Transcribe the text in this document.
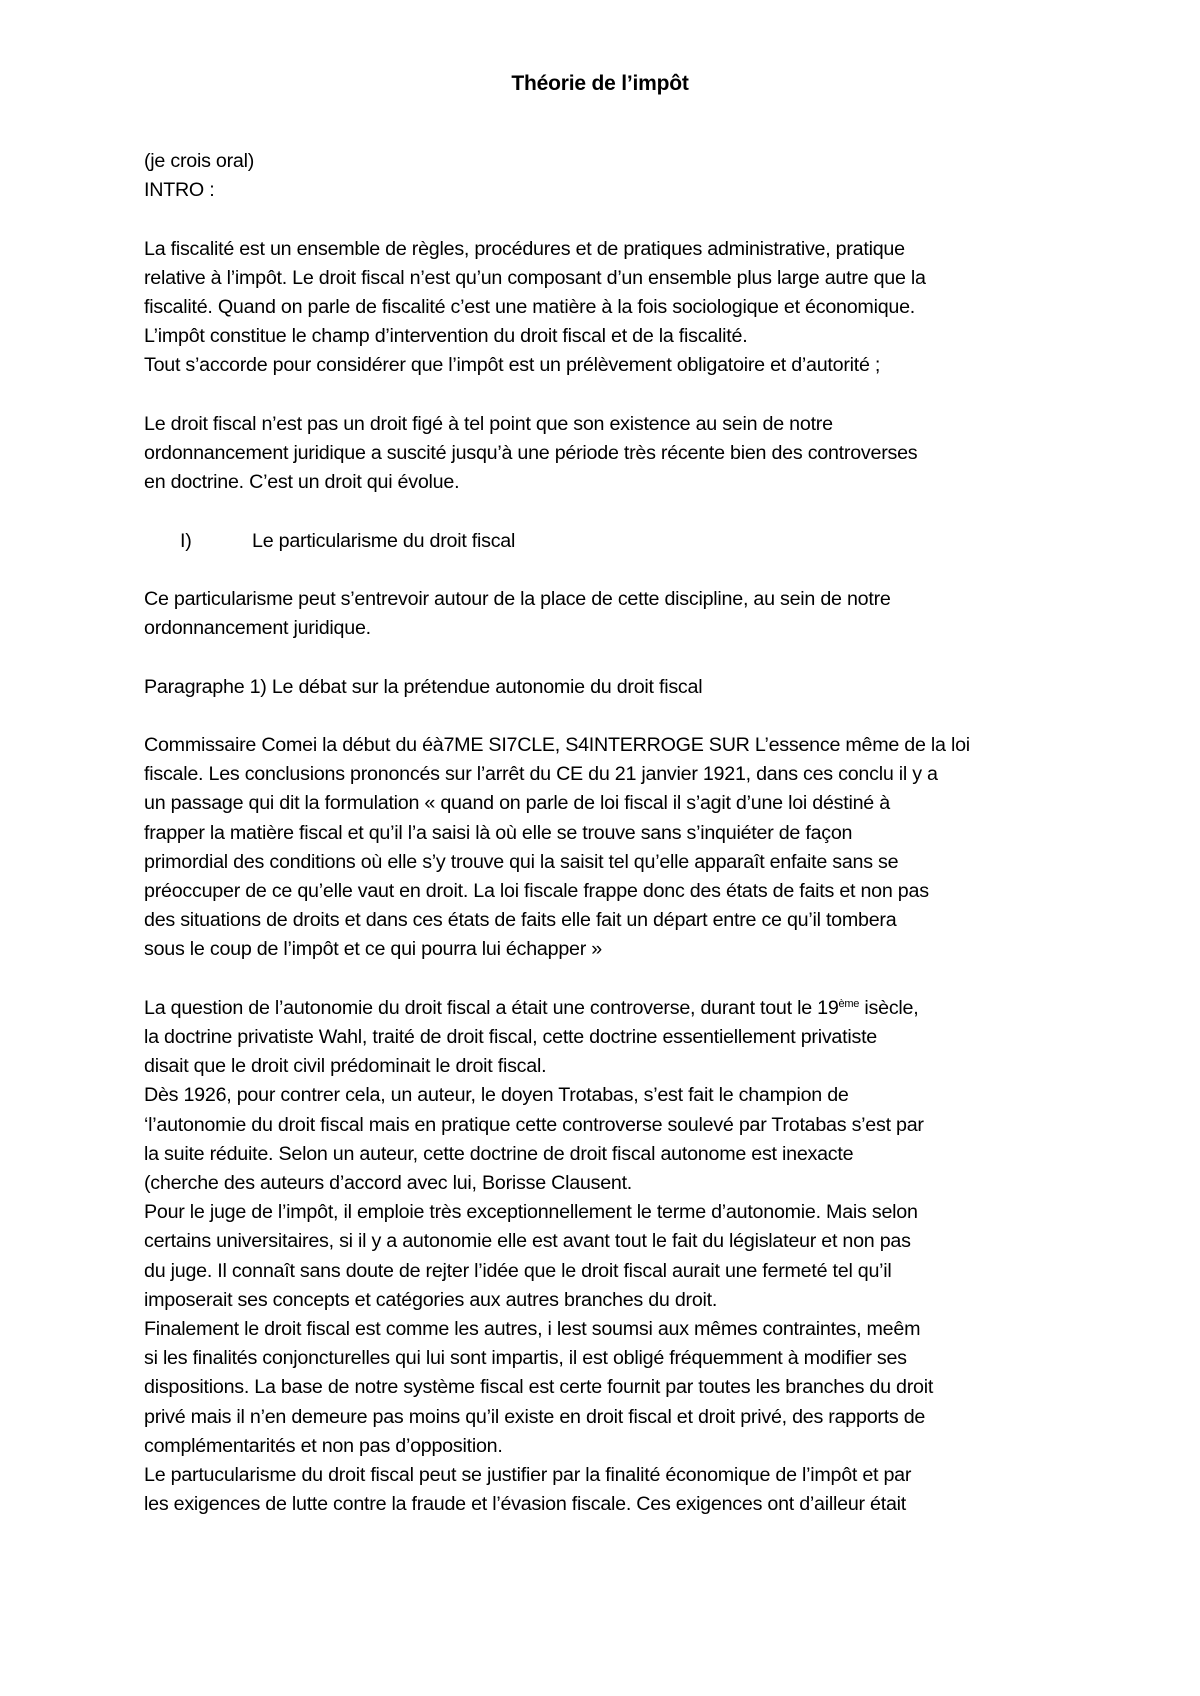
Théorie de l’impôt

(je crois oral)

INTRO :

La fiscalité est un ensemble de règles, procédures et de pratiques administrative, pratique

relative à l’impôt. Le droit fiscal n’est qu’un composant d’un ensemble plus large autre que la

fiscalité. Quand on parle de fiscalité c’est une matière à la fois sociologique et économique.

L’impôt constitue le champ d’intervention du droit fiscal et de la fiscalité.

Tout s’accorde pour considérer que l’impôt est un prélèvement obligatoire et d’autorité ;

Le droit fiscal n’est pas un droit figé à tel point que son existence au sein de notre

ordonnancement juridique a suscité jusqu’à une période très récente bien des controverses

en doctrine. C’est un droit qui évolue.

I)	Le particularisme du droit fiscal

Ce particularisme peut s’entrevoir autour de la place de cette discipline, au sein de notre

ordonnancement juridique.

Paragraphe 1) Le débat sur la prétendue autonomie du droit fiscal

Commissaire Comei la début du éà7ME SI7CLE, S4INTERROGE SUR L’essence même de la loi

fiscale. Les conclusions prononcés sur l’arrêt du CE du 21 janvier 1921, dans ces conclu il y a

un passage qui dit la formulation « quand on parle de loi fiscal il s’agit d’une loi déstiné à

frapper la matière fiscal et qu’il l’a saisi là où elle se trouve sans s’inquiéter de façon

primordial des conditions où elle s’y trouve qui la saisit tel qu’elle apparaît enfaite sans se

préoccuper de ce qu’elle vaut en droit. La loi fiscale frappe donc des états de faits et non pas

des situations de droits et dans ces états de faits elle fait un départ entre ce qu’il tombera

sous le coup de l’impôt et ce qui pourra lui échapper »

La question de l’autonomie du droit fiscal a était une controverse, durant tout le 19ème isècle,

la doctrine privatiste Wahl, traité de droit fiscal, cette doctrine essentiellement privatiste

disait que le droit civil prédominait le droit fiscal.

Dès 1926, pour contrer cela, un auteur, le doyen Trotabas, s’est fait le champion de

‘l’autonomie du droit fiscal mais en pratique cette controverse soulevé par Trotabas s’est par

la suite réduite. Selon un auteur, cette doctrine de droit fiscal autonome est inexacte

(cherche des auteurs d’accord avec lui, Borisse Clausent.

Pour le juge de l’impôt, il emploie très exceptionnellement le terme d’autonomie. Mais selon

certains universitaires, si il y a autonomie elle est avant tout le fait du législateur et non pas

du juge. Il connaît sans doute de rejter l’idée que le droit fiscal aurait une fermeté tel qu’il

imposerait ses concepts et catégories aux autres branches du droit.

Finalement le droit fiscal est comme les autres, i lest soumsi aux mêmes contraintes, meêm

si les finalités conjoncturelles qui lui sont impartis, il est obligé fréquemment à modifier ses

dispositions. La base de notre système fiscal est certe fournit par toutes les branches du droit

privé mais il n’en demeure pas moins qu’il existe en droit fiscal et droit privé, des rapports de

complémentarités et non pas d’opposition.

Le partucularisme du droit fiscal peut se justifier par la finalité économique de l’impôt et par

les exigences de lutte contre la fraude et l’évasion fiscale. Ces exigences ont d’ailleur était
